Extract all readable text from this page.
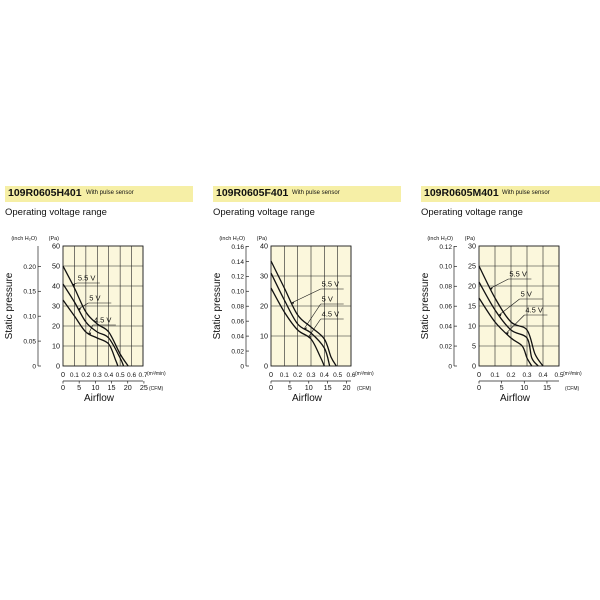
109R0605H401 With pulse sensor
Operating voltage range
0
10
20
30
40
50
60
0
0.05
0.10
0.15
0.20
(inch H₂O) (Pa)
Static pressure
0 0.1 0.2 0.3 0.4 0.5 0.6 0.7 (m³/min)
0 5 10 15 20 25 (CFM)
Airflow
5.5 V
5 V
4.5 V
109R0605F401 With pulse sensor
Operating voltage range
0
10
20
30
40
0
0.02
0.04
0.06
0.08
0.10
0.12
0.14
0.16
(inch H₂O) (Pa)
Static pressure
0 0.1 0.2 0.3 0.4 0.5 0.6 (m³/min)
0 5 10 15 20 (CFM)
Airflow
5.5 V
5 V
4.5 V
109R0605M401 With pulse sensor
Operating voltage range
0
5
10
15
20
25
30
0
0.02
0.04
0.06
0.08
0.10
0.12
(inch H₂O) (Pa)
Static pressure
0 0.1 0.2 0.3 0.4 0.5 (m³/min)
0	5 10 15	(CFM)
Airflow
5.5 V
5 V
4.5 V
